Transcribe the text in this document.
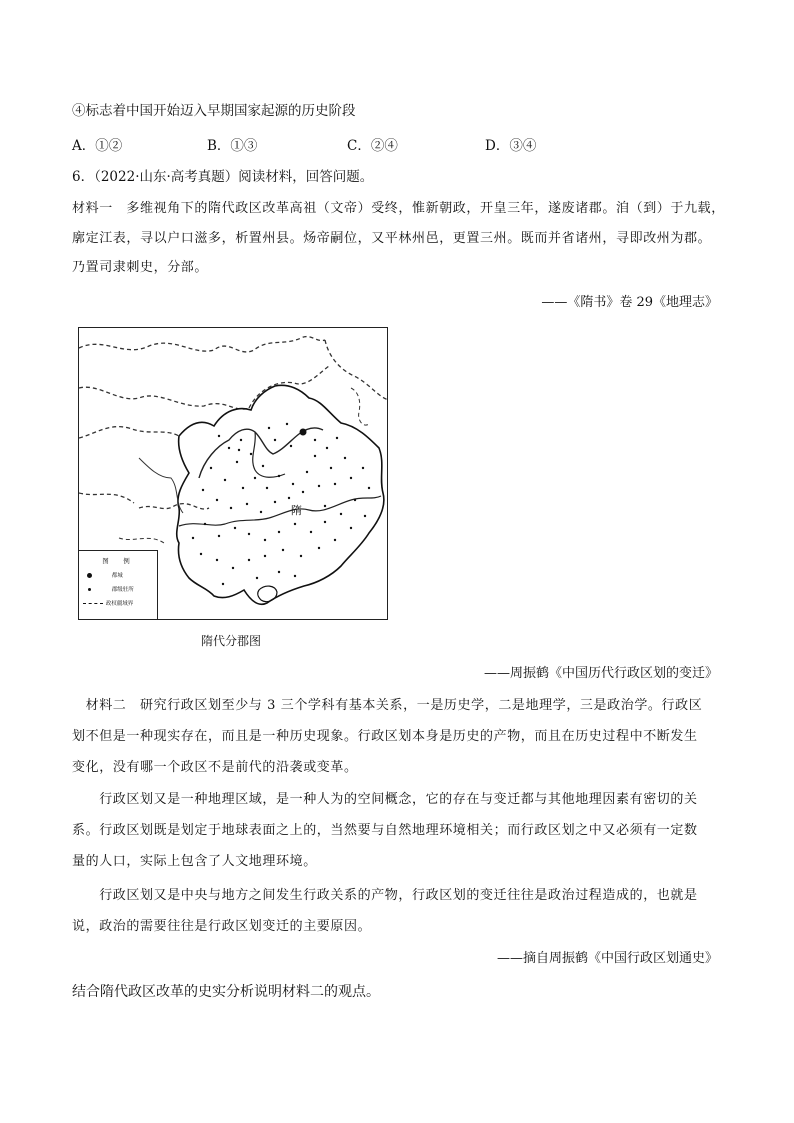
④标志着中国开始迈入早期国家起源的历史阶段
A．①②	B．①③	C．②④	D．③④
6．（2022·山东·高考真题）阅读材料，回答问题。
材料一　多维视角下的隋代政区改革高祖（文帝）受终，惟新朝政，开皇三年，遂废诸郡。洎（到）于九载，
廓定江表，寻以户口滋多，析置州县。炀帝嗣位，又平林州邑，更置三州。既而并省诸州，寻即改州为郡。
乃置司隶刺史，分部。
——《隋书》卷 29《地理志》
隋
图　例
都城
郡级驻所
政权疆域界
隋代分郡图
——周振鹤《中国历代行政区划的变迁》
　材料二　研究行政区划至少与 3 三个学科有基本关系，一是历史学，二是地理学，三是政治学。行政区
划不但是一种现实存在，而且是一种历史现象。行政区划本身是历史的产物，而且在历史过程中不断发生
变化，没有哪一个政区不是前代的沿袭或变革。
　　行政区划又是一种地理区域，是一种人为的空间概念，它的存在与变迁都与其他地理因素有密切的关
系。行政区划既是划定于地球表面之上的，当然要与自然地理环境相关；而行政区划之中又必须有一定数
量的人口，实际上包含了人文地理环境。
　　行政区划又是中央与地方之间发生行政关系的产物，行政区划的变迁往往是政治过程造成的，也就是
说，政治的需要往往是行政区划变迁的主要原因。
——摘自周振鹤《中国行政区划通史》
结合隋代政区改革的史实分析说明材料二的观点。
